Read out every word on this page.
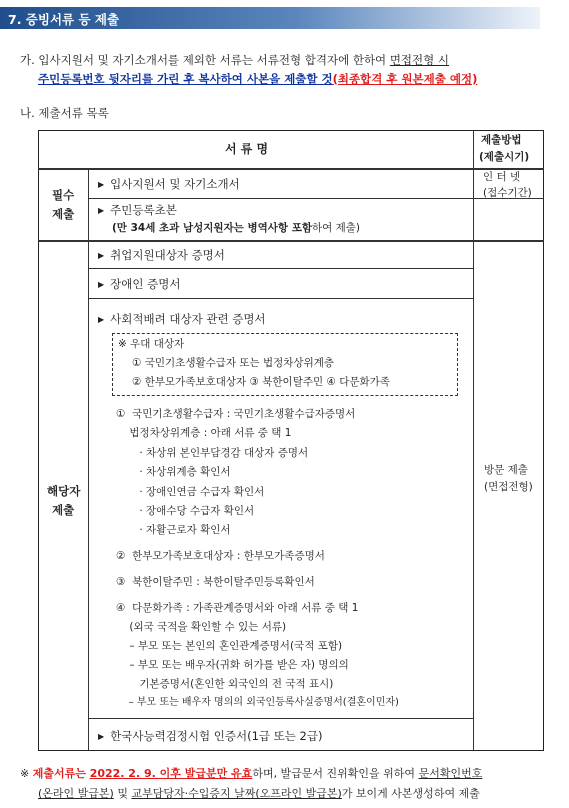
7. 증빙서류 등 제출
가. 입사지원서 및 자기소개서를 제외한 서류는 서류전형 합격자에 한하여 면접전형 시
주민등록번호 뒷자리를 가린 후 복사하여 사본을 제출할 것(최종합격 후 원본제출 예정)
나. 제출서류 목록
서 류 명
제출방법
(제출시기)
필수
제출
▶ 입사지원서 및 자기소개서	인 터 넷
(접수기간)
▶ 주민등록초본
(만 34세 초과 남성지원자는 병역사항 포함하여 제출)
해당자
제출
▶ 취업지원대상자 증명서
▶ 장애인 증명서
▶ 사회적배려 대상자 관련 증명서
※ 우대 대상자
① 국민기초생활수급자 또는 법정차상위계층
② 한부모가족보호대상자 ③ 북한이탈주민 ④ 다문화가족
①  국민기초생활수급자 : 국민기초생활수급자증명서
법정차상위계층 : 아래 서류 중 택 1
· 차상위 본인부담경감 대상자 증명서
· 차상위계층 확인서
· 장애인연금 수급자 확인서
· 장애수당 수급자 확인서
· 자활근로자 확인서
②  한부모가족보호대상자 : 한부모가족증명서
③  북한이탈주민 : 북한이탈주민등록확인서
④  다문화가족 : 가족관계증명서와 아래 서류 중 택 1
(외국 국적을 확인할 수 있는 서류)
– 부모 또는 본인의 혼인관계증명서(국적 포함)
– 부모 또는 배우자(귀화 허가를 받은 자) 명의의
기본증명서(혼인한 외국인의 전 국적 표시)
– 부모 또는 배우자 명의의 외국인등록사실증명서(결혼이민자)
방문 제출
(면접전형)
▶ 한국사능력검정시험 인증서(1급 또는 2급)
※ 제출서류는 2022. 2. 9. 이후 발급분만 유효하며, 발급문서 진위확인을 위하여 문서확인번호
(온라인 발급본) 및 교부담당자·수입증지 날짜(오프라인 발급본)가 보이게 사본생성하여 제출
